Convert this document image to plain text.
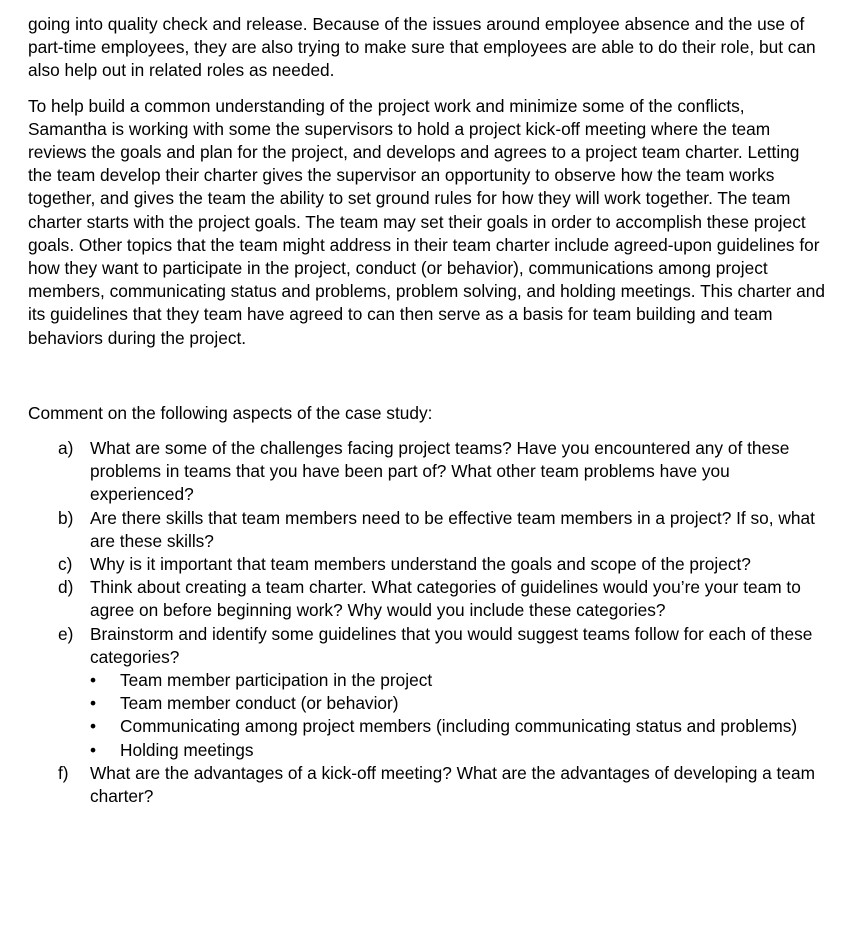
going into quality check and release. Because of the issues around employee absence and the use of part-time employees, they are also trying to make sure that employees are able to do their role, but can also help out in related roles as needed.

To help build a common understanding of the project work and minimize some of the conflicts, Samantha is working with some the supervisors to hold a project kick-off meeting where the team reviews the goals and plan for the project, and develops and agrees to a project team charter. Letting the team develop their charter gives the supervisor an opportunity to observe how the team works together, and gives the team the ability to set ground rules for how they will work together. The team charter starts with the project goals. The team may set their goals in order to accomplish these project goals. Other topics that the team might address in their team charter include agreed-upon guidelines for how they want to participate in the project, conduct (or behavior), communications among project members, communicating status and problems, problem solving, and holding meetings. This charter and its guidelines that they team have agreed to can then serve as a basis for team building and team behaviors during the project.

Comment on the following aspects of the case study:

a) What are some of the challenges facing project teams? Have you encountered any of these problems in teams that you have been part of? What other team problems have you experienced?
b) Are there skills that team members need to be effective team members in a project? If so, what are these skills?
c) Why is it important that team members understand the goals and scope of the project?
d) Think about creating a team charter. What categories of guidelines would you’re your team to agree on before beginning work? Why would you include these categories?
e) Brainstorm and identify some guidelines that you would suggest teams follow for each of these categories?
•	Team member participation in the project
•	Team member conduct (or behavior)
•	Communicating among project members (including communicating status and problems)
•	Holding meetings
f) What are the advantages of a kick-off meeting? What are the advantages of developing a team charter?
